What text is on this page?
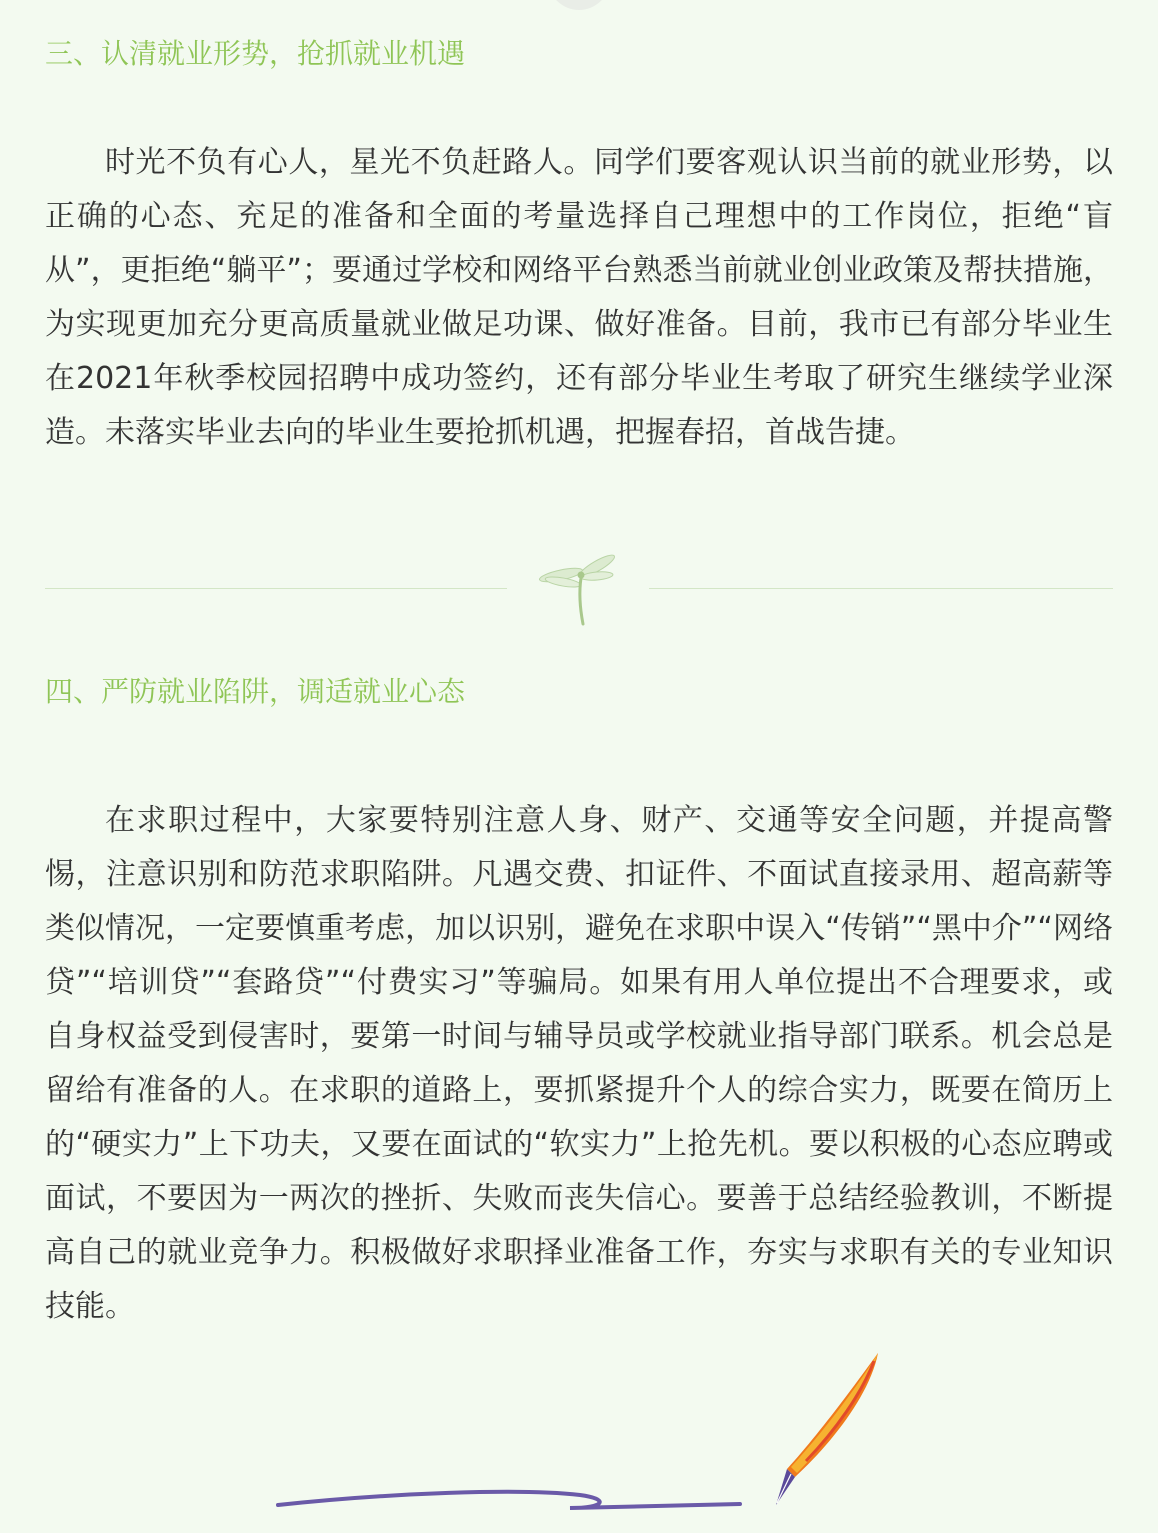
三、认清就业形势，抢抓就业机遇

时光不负有心人，星光不负赶路人。同学们要客观认识当前的就业形势，以正确的心态、充足的准备和全面的考量选择自己理想中的工作岗位，拒绝“盲从”，更拒绝“躺平”；要通过学校和网络平台熟悉当前就业创业政策及帮扶措施，为实现更加充分更高质量就业做足功课、做好准备。目前，我市已有部分毕业生在2021年秋季校园招聘中成功签约，还有部分毕业生考取了研究生继续学业深造。未落实毕业去向的毕业生要抢抓机遇，把握春招，首战告捷。

四、严防就业陷阱，调适就业心态

在求职过程中，大家要特别注意人身、财产、交通等安全问题，并提高警惕，注意识别和防范求职陷阱。凡遇交费、扣证件、不面试直接录用、超高薪等类似情况，一定要慎重考虑，加以识别，避免在求职中误入“传销”“黑中介”“网络贷”“培训贷”“套路贷”“付费实习”等骗局。如果有用人单位提出不合理要求，或自身权益受到侵害时，要第一时间与辅导员或学校就业指导部门联系。机会总是留给有准备的人。在求职的道路上，要抓紧提升个人的综合实力，既要在简历上的“硬实力”上下功夫，又要在面试的“软实力”上抢先机。要以积极的心态应聘或面试，不要因为一两次的挫折、失败而丧失信心。要善于总结经验教训，不断提高自己的就业竞争力。积极做好求职择业准备工作，夯实与求职有关的专业知识技能。
